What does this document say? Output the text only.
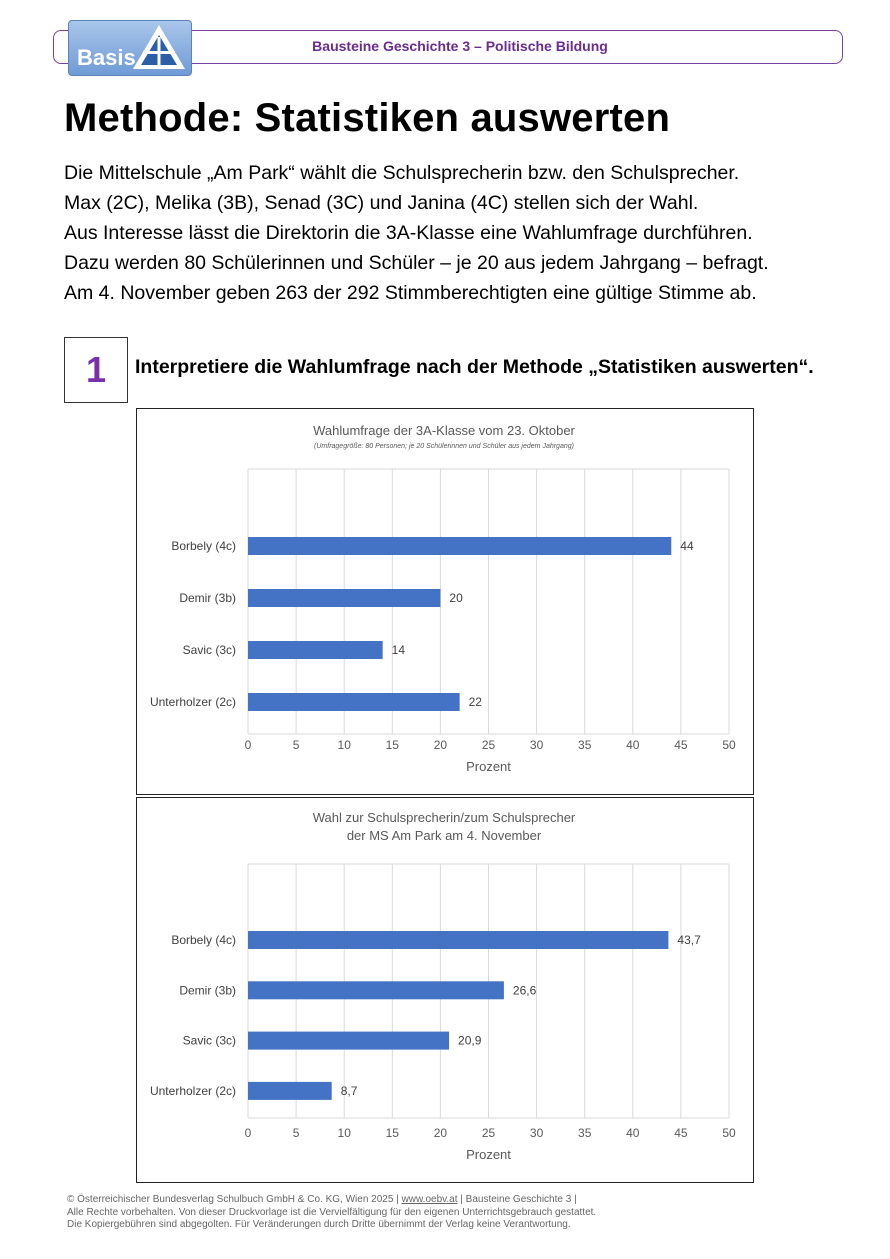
Basis	Bausteine Geschichte 3 – Politische Bildung
Methode: Statistiken auswerten
Die Mittelschule „Am Park“ wählt die Schulsprecherin bzw. den Schulsprecher.
Max (2C), Melika (3B), Senad (3C) und Janina (4C) stellen sich der Wahl.
Aus Interesse lässt die Direktorin die 3A-Klasse eine Wahlumfrage durchführen.
Dazu werden 80 Schülerinnen und Schüler – je 20 aus jedem Jahrgang – befragt.
Am 4. November geben 263 der 292 Stimmberechtigten eine gültige Stimme ab.
1	Interpretiere die Wahlumfrage nach der Methode „Statistiken auswerten“.
Wahlumfrage der 3A-Klasse vom 23. Oktober
(Umfragegröße: 80 Personen; je 20 Schülerinnen und Schüler aus jedem Jahrgang)
Borbely (4c)	44
Demir (3b)	20
Savic (3c)	14
Unterholzer (2c)	22
0	5	10	15	20	25	30	35	40	45	50
Prozent
Wahl zur Schulsprecherin/zum Schulsprecher
der MS Am Park am 4. November
Borbely (4c)	43,7
Demir (3b)	26,6
Savic (3c)	20,9
Unterholzer (2c)	8,7
0	5	10	15	20	25	30	35	40	45	50
Prozent
© Österreichischer Bundesverlag Schulbuch GmbH & Co. KG, Wien 2025 | www.oebv.at | Bausteine Geschichte 3 |
Alle Rechte vorbehalten. Von dieser Druckvorlage ist die Vervielfältigung für den eigenen Unterrichtsgebrauch gestattet.
Die Kopiergebühren sind abgegolten. Für Veränderungen durch Dritte übernimmt der Verlag keine Verantwortung.
